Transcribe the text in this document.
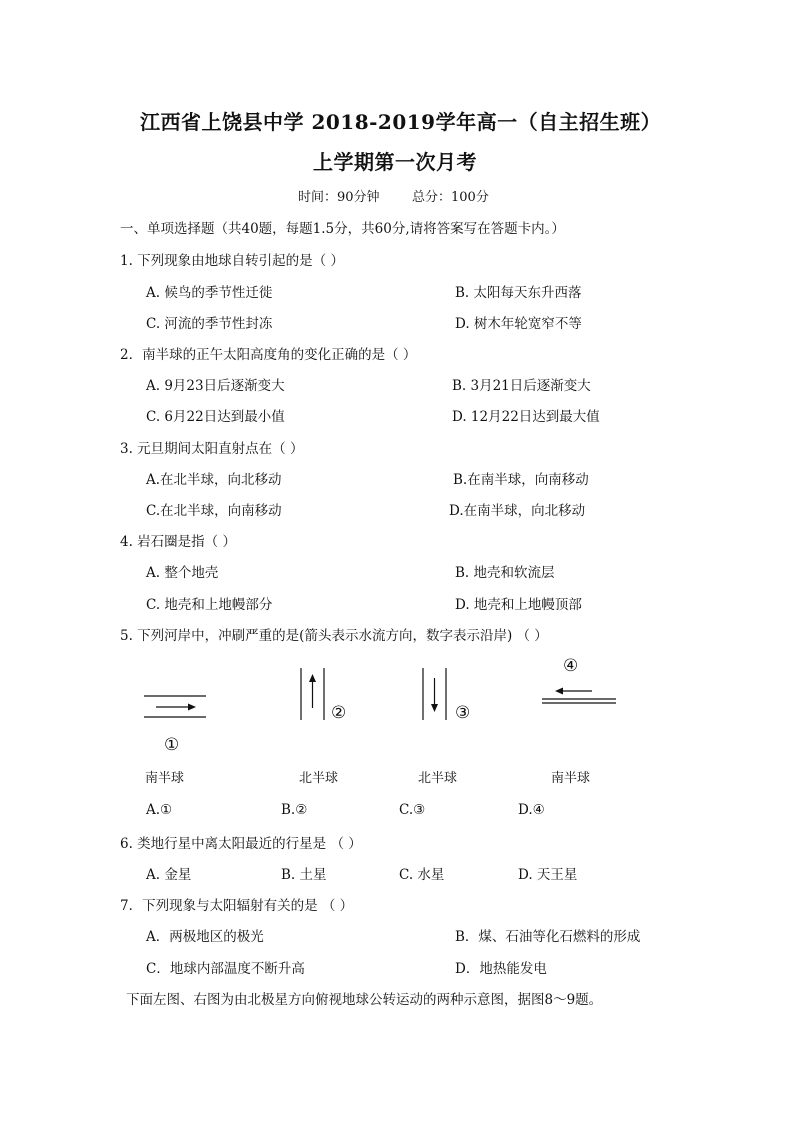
江西省上饶县中学 2018-2019学年高一（自主招生班）
上学期第一次月考
时间：90分钟 总分：100分
一、单项选择题（共40题，每题1.5分，共60分,请将答案写在答题卡内。）
1. 下列现象由地球自转引起的是（ ）
A. 候鸟的季节性迁徙	B. 太阳每天东升西落
C. 河流的季节性封冻	D. 树木年轮宽窄不等
2．南半球的正午太阳高度角的变化正确的是（ ）
A. 9月23日后逐渐变大	B. 3月21日后逐渐变大
C. 6月22日达到最小值	D. 12月22日达到最大值
3. 元旦期间太阳直射点在（ ）
A.在北半球，向北移动	B.在南半球，向南移动
C.在北半球，向南移动	D.在南半球，向北移动
4. 岩石圈是指（ ）
A. 整个地壳	B. 地壳和软流层
C. 地壳和上地幔部分	D. 地壳和上地幔顶部
5. 下列河岸中，冲刷严重的是(箭头表示水流方向，数字表示沿岸) （ ）
①
南半球
②
北半球
③
北半球
④
南半球
A.①	B.②	C.③	D.④
6. 类地行星中离太阳最近的行星是 （ ）
A. 金星	B. 土星	C. 水星	D. 天王星
7．下列现象与太阳辐射有关的是 （ ）
A．两极地区的极光	B．煤、石油等化石燃料的形成
C．地球内部温度不断升高	D．地热能发电
下面左图、右图为由北极星方向俯视地球公转运动的两种示意图，据图8～9题。
